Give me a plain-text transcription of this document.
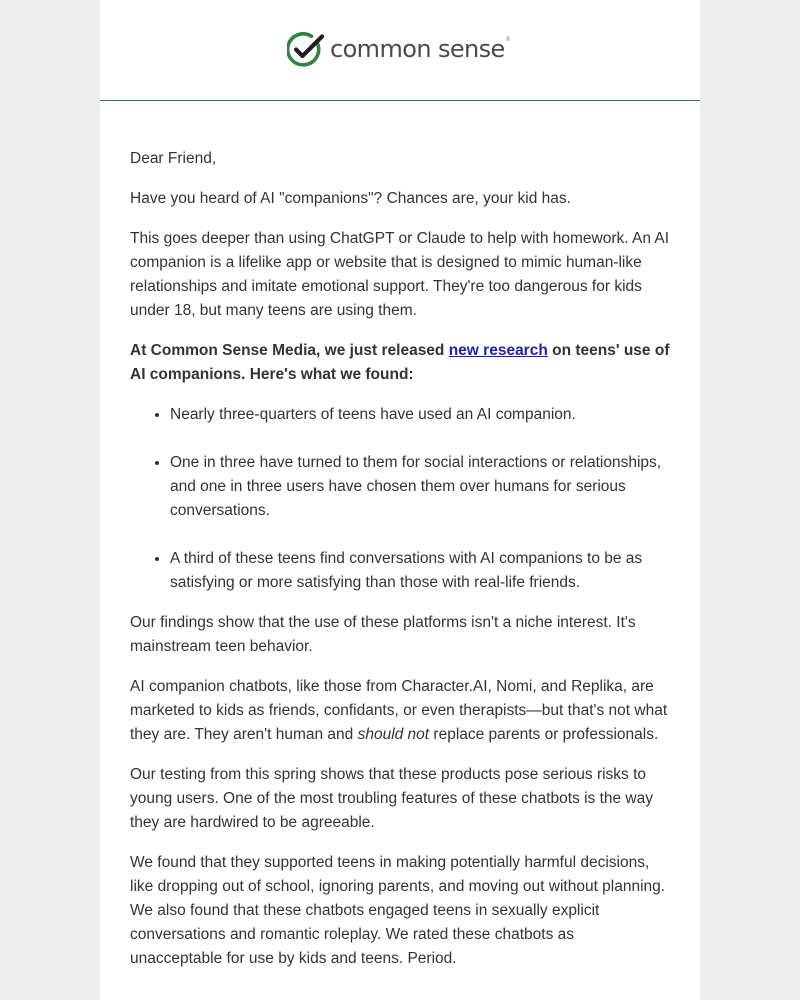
common sense ®

Dear Friend,

Have you heard of AI "companions"? Chances are, your kid has.

This goes deeper than using ChatGPT or Claude to help with homework. An AI companion is a lifelike app or website that is designed to mimic human-like relationships and imitate emotional support. They're too dangerous for kids under 18, but many teens are using them.

At Common Sense Media, we just released new research on teens' use of AI companions. Here's what we found:

• Nearly three-quarters of teens have used an AI companion.
• One in three have turned to them for social interactions or relationships, and one in three users have chosen them over humans for serious conversations.
• A third of these teens find conversations with AI companions to be as satisfying or more satisfying than those with real-life friends.

Our findings show that the use of these platforms isn't a niche interest. It's mainstream teen behavior.

AI companion chatbots, like those from Character.AI, Nomi, and Replika, are marketed to kids as friends, confidants, or even therapists—but that's not what they are. They aren't human and should not replace parents or professionals.

Our testing from this spring shows that these products pose serious risks to young users. One of the most troubling features of these chatbots is the way they are hardwired to be agreeable.

We found that they supported teens in making potentially harmful decisions, like dropping out of school, ignoring parents, and moving out without planning. We also found that these chatbots engaged teens in sexually explicit conversations and romantic roleplay. We rated these chatbots as unacceptable for use by kids and teens. Period.
